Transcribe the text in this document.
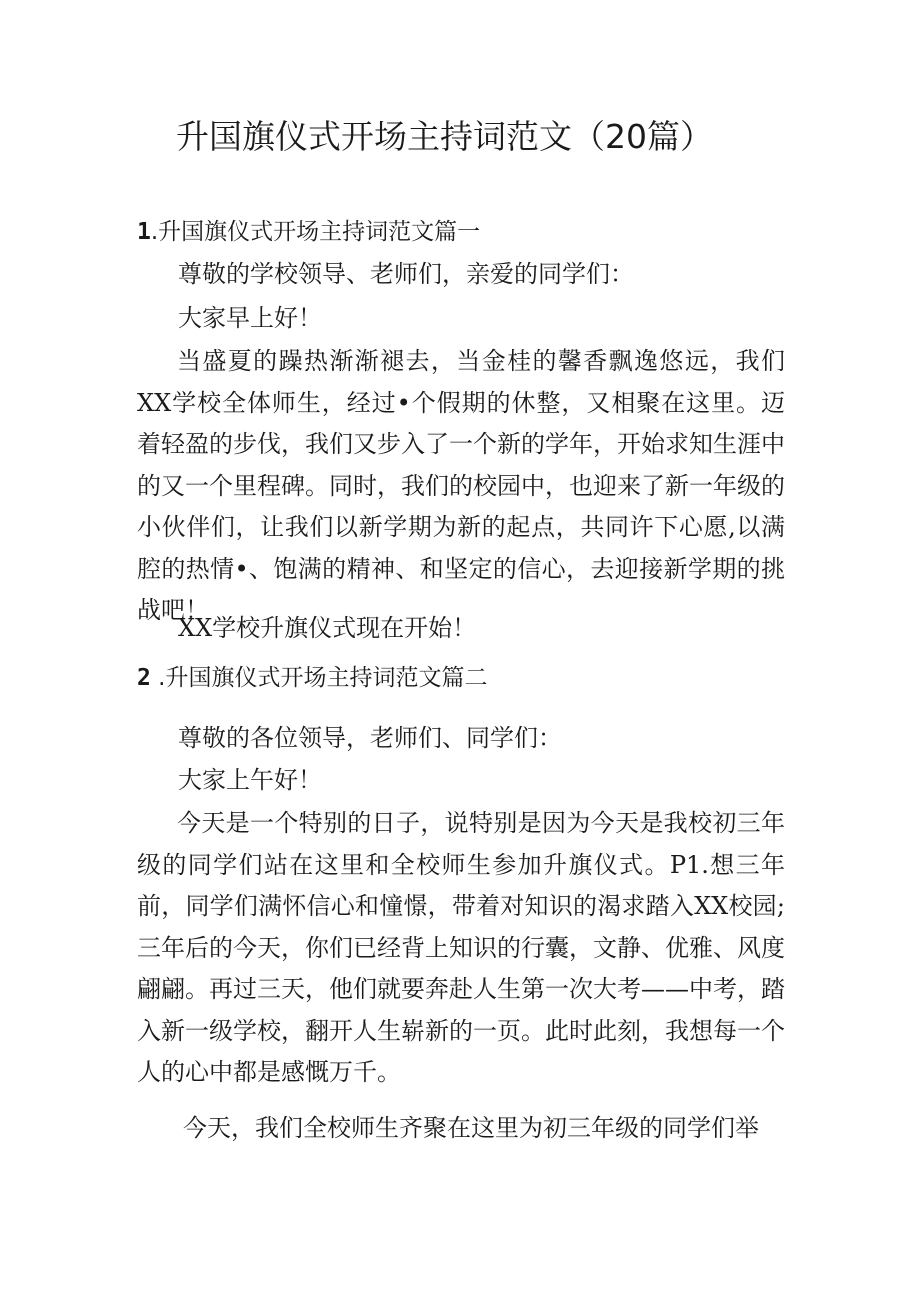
升国旗仪式开场主持词范文（20篇）
1.升国旗仪式开场主持词范文篇一
尊敬的学校领导、老师们，亲爱的同学们：
大家早上好！

当盛夏的躁热渐渐褪去，当金桂的馨香飘逸悠远，我们XX学校全体师生，经过•个假期的休整，又相聚在这里。迈着轻盈的步伐，我们又步入了一个新的学年，开始求知生涯中的又一个里程碑。同时，我们的校园中，也迎来了新一年级的小伙伴们，让我们以新学期为新的起点，共同许下心愿,以满腔的热情•、饱满的精神、和坚定的信心，去迎接新学期的挑战吧！

XX学校升旗仪式现在开始！
2 .升国旗仪式开场主持词范文篇二
尊敬的各位领导，老师们、同学们：
大家上午好！

今天是一个特别的日子，说特别是因为今天是我校初三年级的同学们站在这里和全校师生参加升旗仪式。P1.想三年前，同学们满怀信心和憧憬，带着对知识的渴求踏入XX校园;三年后的今天，你们已经背上知识的行囊，文静、优雅、风度翩翩。再过三天，他们就要奔赴人生第一次大考——中考，踏入新一级学校，翻开人生崭新的一页。此时此刻，我想每一个人的心中都是感慨万千。

今天，我们全校师生齐聚在这里为初三年级的同学们举
